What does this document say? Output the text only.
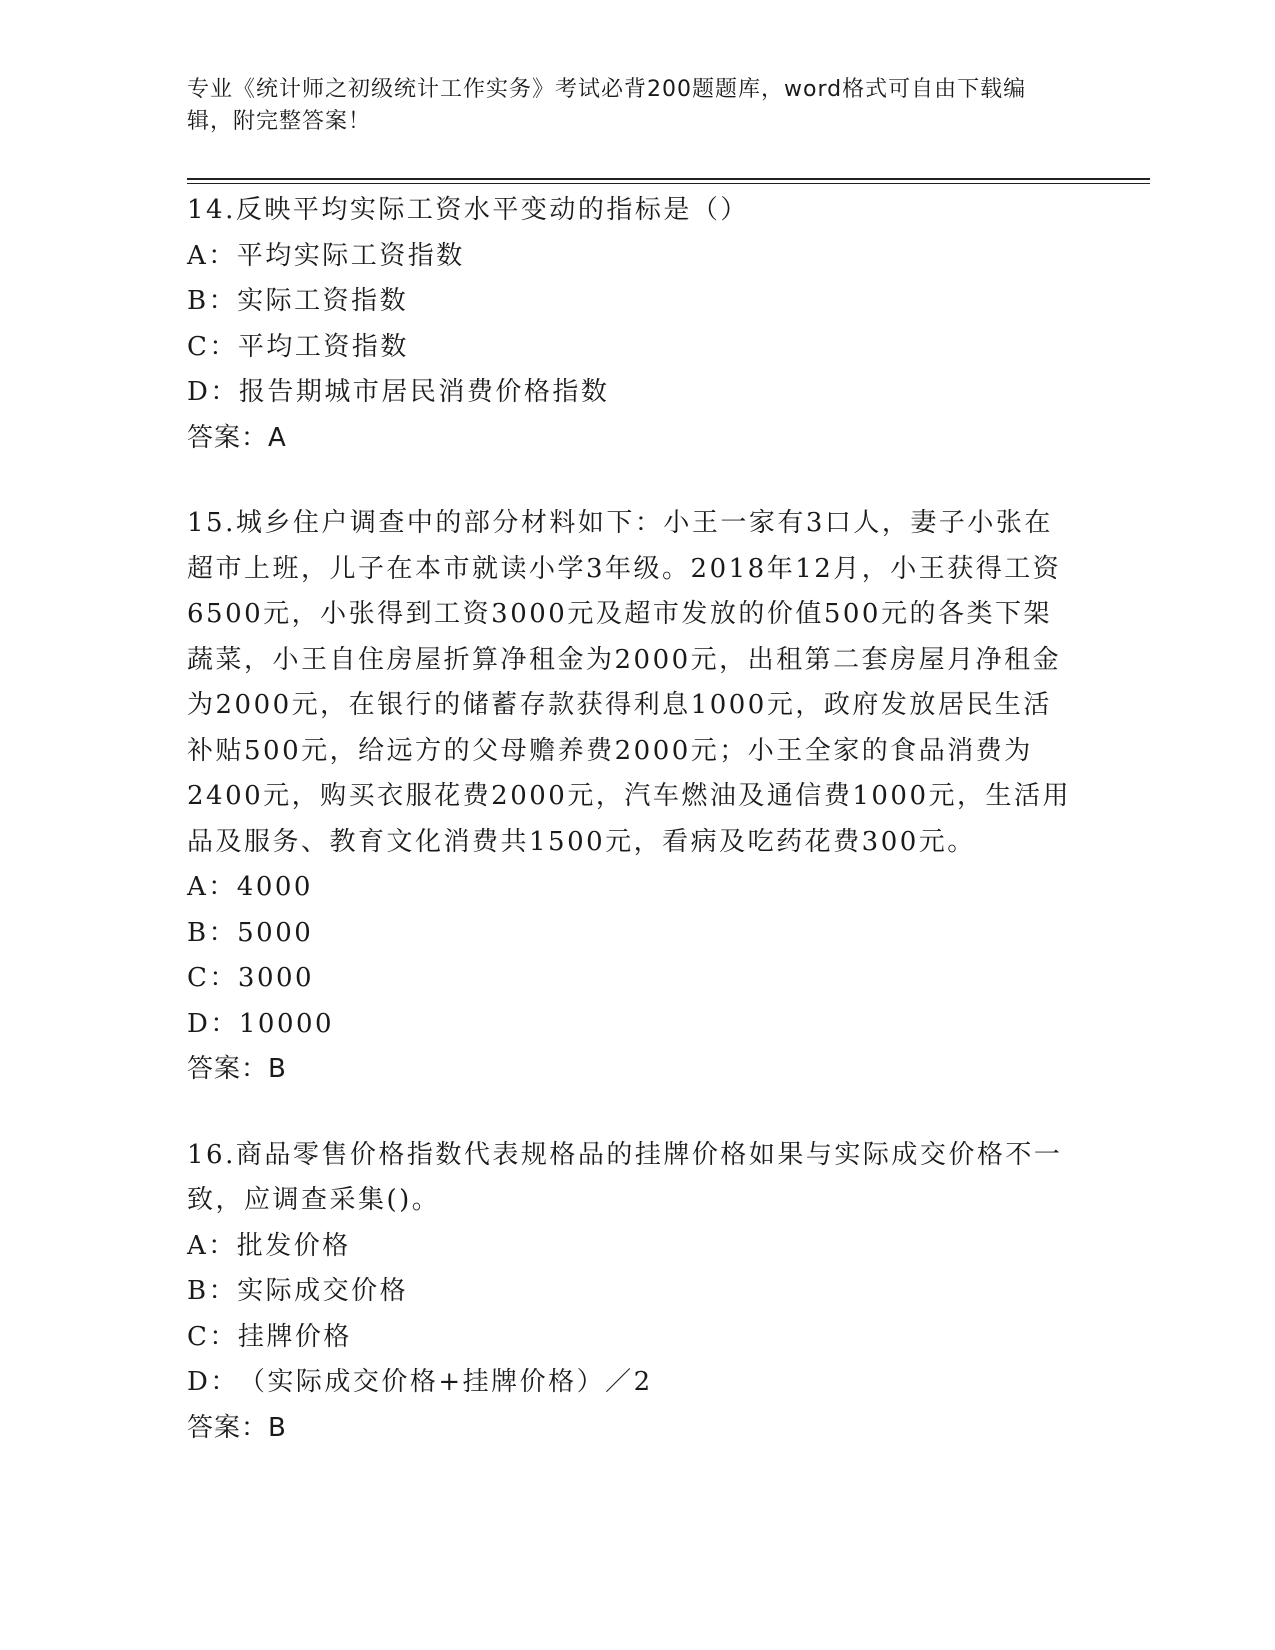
专业《统计师之初级统计工作实务》考试必背200题题库，word格式可自由下载编辑，附完整答案！

14.反映平均实际工资水平变动的指标是（）

A： 平均实际工资指数

B： 实际工资指数

C： 平均工资指数

D： 报告期城市居民消费价格指数

答案：A

15.城乡住户调查中的部分材料如下：小王一家有3口人，妻子小张在超市上班，儿子在本市就读小学3年级。2018年12月，小王获得工资6500元，小张得到工资3000元及超市发放的价值500元的各类下架蔬菜，小王自住房屋折算净租金为2000元，出租第二套房屋月净租金为2000元，在银行的储蓄存款获得利息1000元，政府发放居民生活补贴500元，给远方的父母赡养费2000元；小王全家的食品消费为2400元，购买衣服花费2000元，汽车燃油及通信费1000元，生活用品及服务、教育文化消费共1500元，看病及吃药花费300元。

A： 4000

B： 5000

C： 3000

D： 10000

答案：B

16.商品零售价格指数代表规格品的挂牌价格如果与实际成交价格不一致，应调查采集()。

A： 批发价格

B： 实际成交价格

C： 挂牌价格

D： （实际成交价格+挂牌价格）／2

答案：B
